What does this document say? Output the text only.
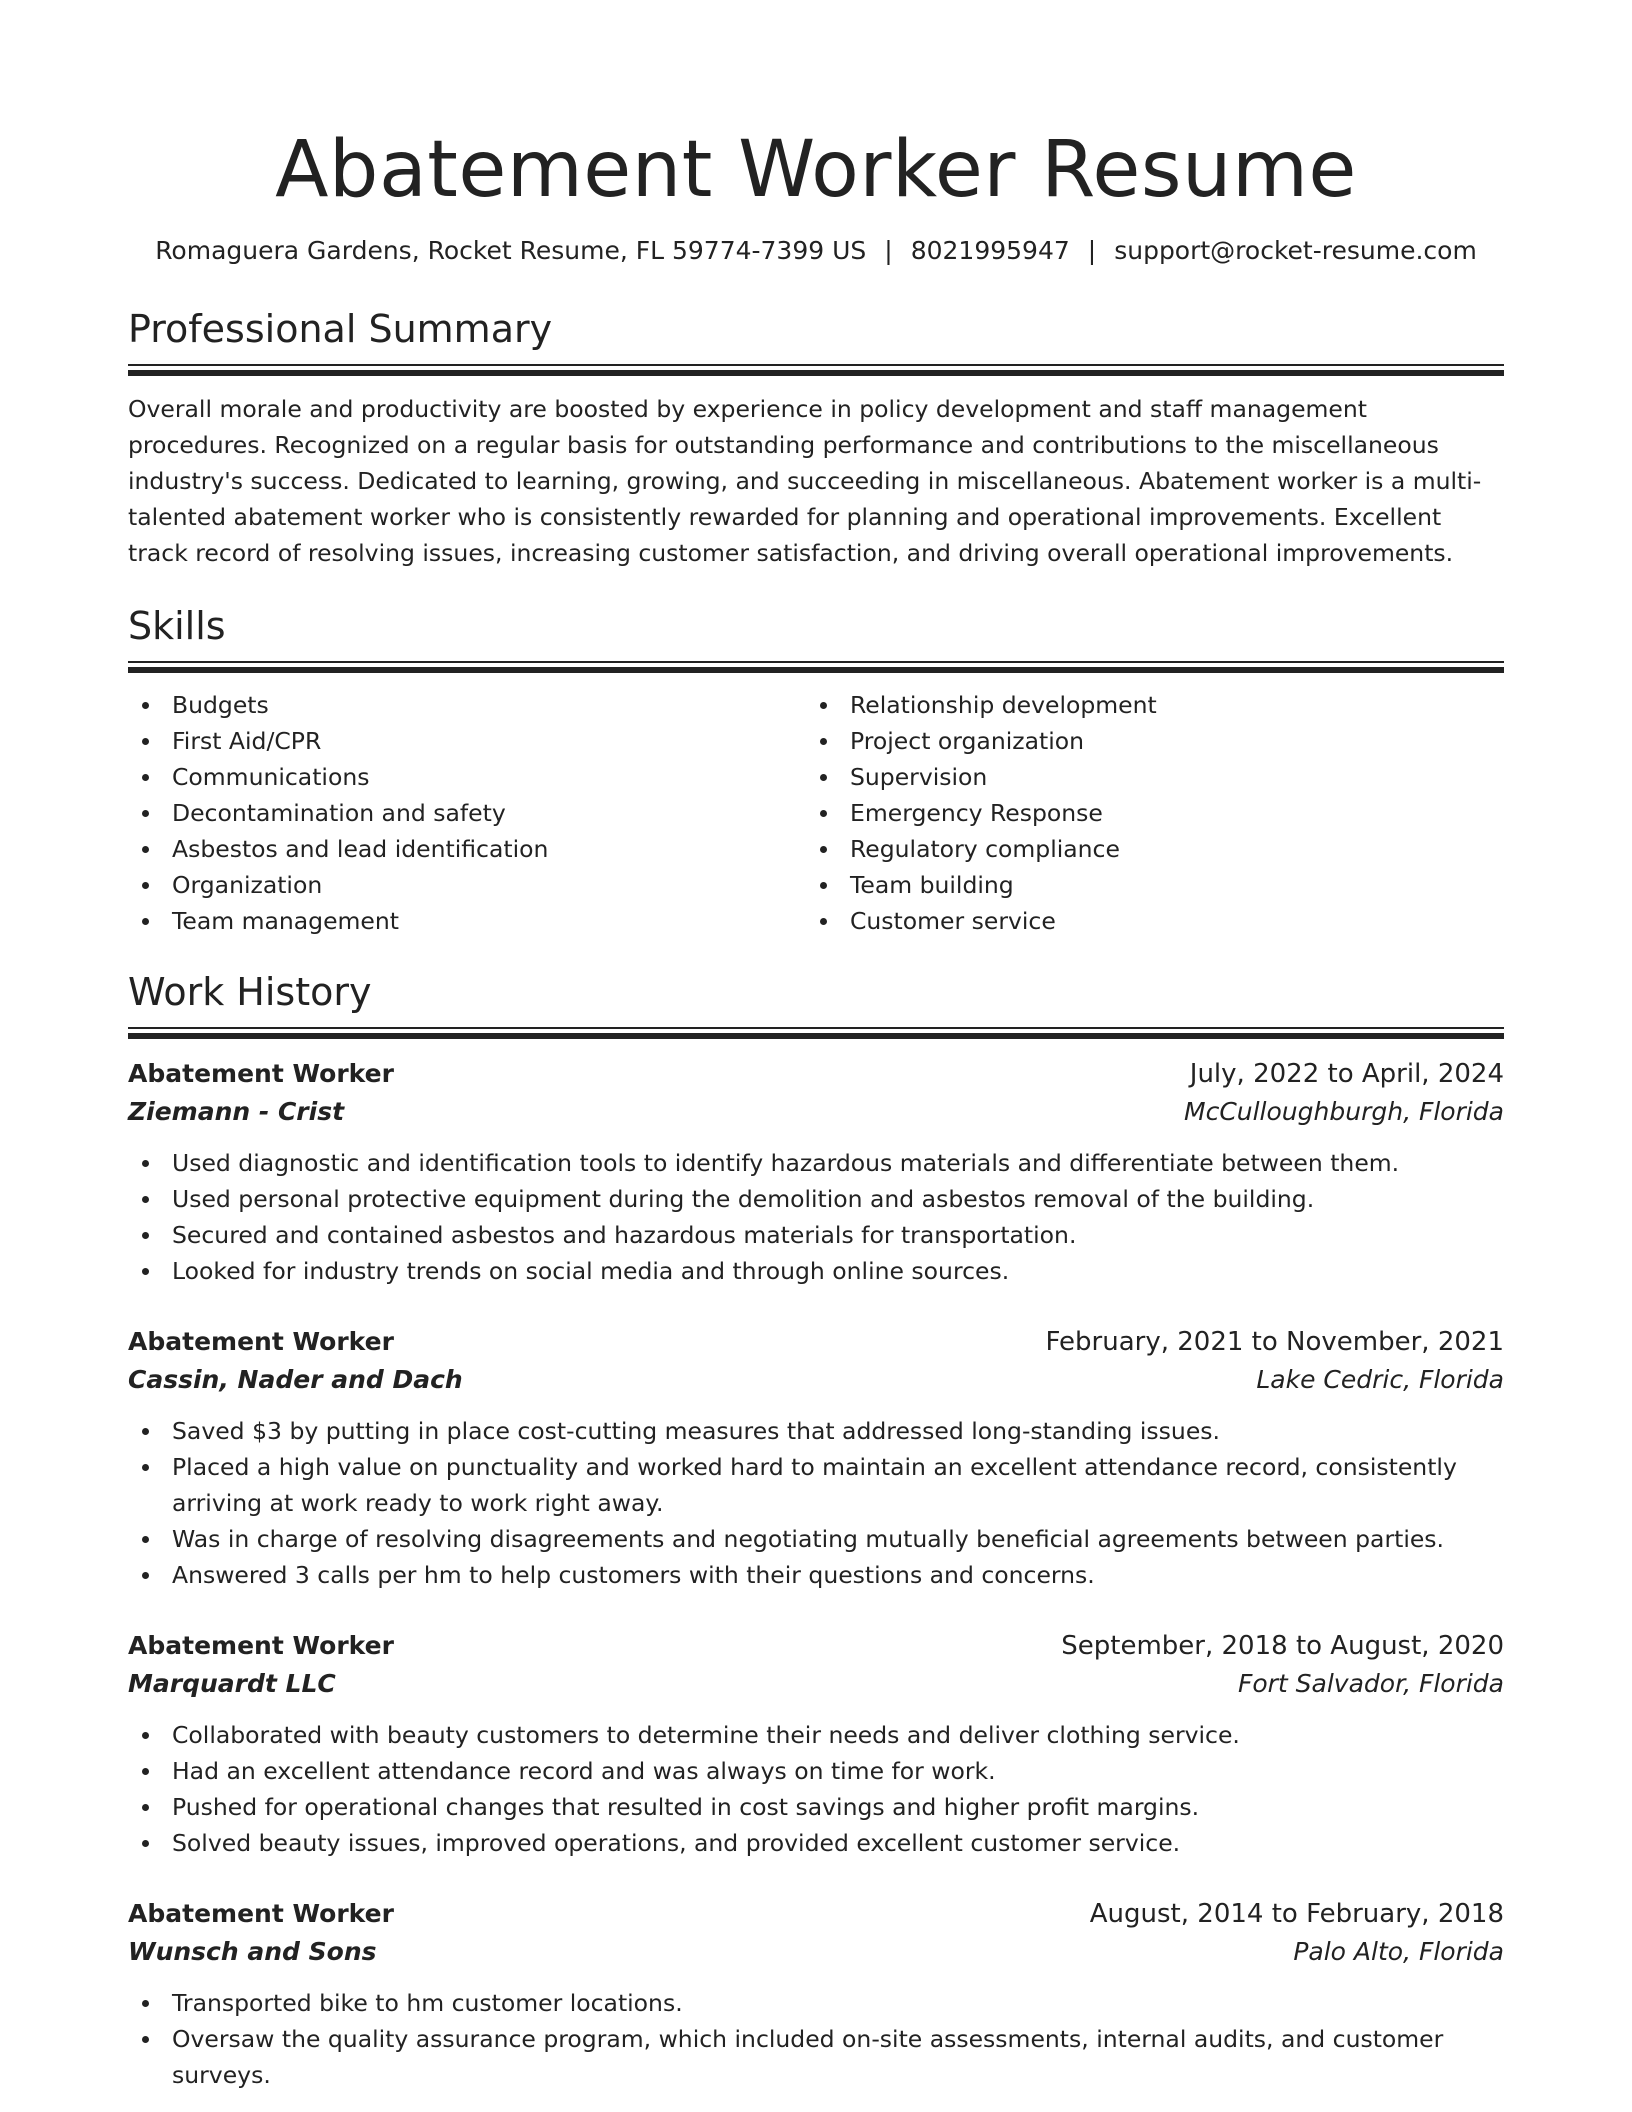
Abatement Worker Resume
Romaguera Gardens, Rocket Resume, FL 59774-7399 US | 8021995947 | support@rocket-resume.com
Professional Summary

Overall morale and productivity are boosted by experience in policy development and staff management procedures. Recognized on a regular basis for outstanding performance and contributions to the miscellaneous industry's success. Dedicated to learning, growing, and succeeding in miscellaneous. Abatement worker is a multi-talented abatement worker who is consistently rewarded for planning and operational improvements. Excellent track record of resolving issues, increasing customer satisfaction, and driving overall operational improvements.

Skills
Budgets
First Aid/CPR
Communications
Decontamination and safety
Asbestos and lead identification
Organization
Team management
Relationship development
Project organization
Supervision
Emergency Response
Regulatory compliance
Team building
Customer service
Work History
Abatement Worker	July, 2022 to April, 2024
Ziemann - Crist	McCulloughburgh, Florida
Used diagnostic and identification tools to identify hazardous materials and differentiate between them.
Used personal protective equipment during the demolition and asbestos removal of the building.
Secured and contained asbestos and hazardous materials for transportation.
Looked for industry trends on social media and through online sources.
Abatement Worker	February, 2021 to November, 2021
Cassin, Nader and Dach	Lake Cedric, Florida
Saved $3 by putting in place cost-cutting measures that addressed long-standing issues.
Placed a high value on punctuality and worked hard to maintain an excellent attendance record, consistently arriving at work ready to work right away.
Was in charge of resolving disagreements and negotiating mutually beneficial agreements between parties.
Answered 3 calls per hm to help customers with their questions and concerns.
Abatement Worker	September, 2018 to August, 2020
Marquardt LLC	Fort Salvador, Florida
Collaborated with beauty customers to determine their needs and deliver clothing service.
Had an excellent attendance record and was always on time for work.
Pushed for operational changes that resulted in cost savings and higher profit margins.
Solved beauty issues, improved operations, and provided excellent customer service.
Abatement Worker	August, 2014 to February, 2018
Wunsch and Sons	Palo Alto, Florida
Transported bike to hm customer locations.
Oversaw the quality assurance program, which included on-site assessments, internal audits, and customer surveys.
